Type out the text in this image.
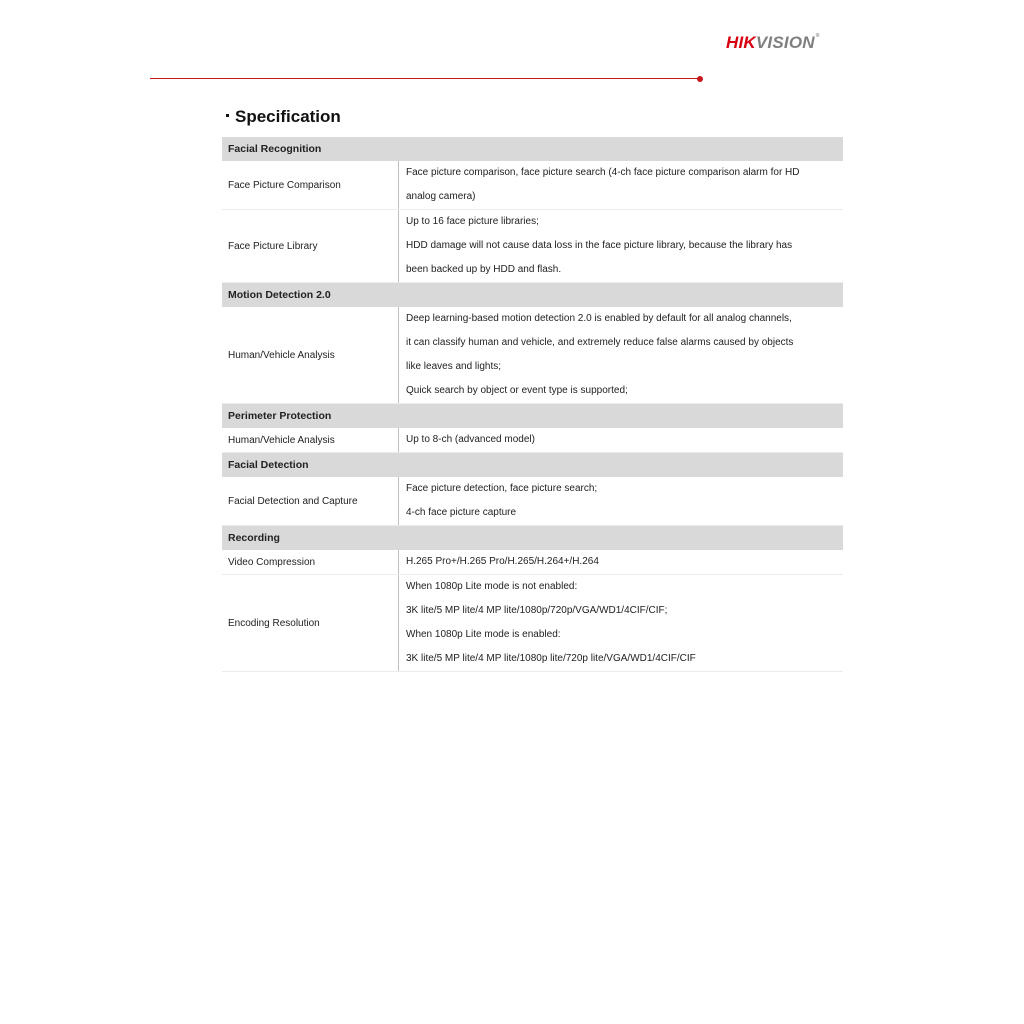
HIKVISION®
Specification
Facial Recognition	
Face Picture Comparison	Face picture comparison, face picture search (4-ch face picture comparison alarm for HD
analog camera)

Face Picture Library	Up to 16 face picture libraries;
HDD damage will not cause data loss in the face picture library, because the library has
been backed up by HDD and flash.

Motion Detection 2.0	
Human/Vehicle Analysis	Deep learning-based motion detection 2.0 is enabled by default for all analog channels,
it can classify human and vehicle, and extremely reduce false alarms caused by objects
like leaves and lights;
Quick search by object or event type is supported;

Perimeter Protection	
Human/Vehicle Analysis	Up to 8-ch (advanced model)

Facial Detection	
Facial Detection and Capture	Face picture detection, face picture search;
4-ch face picture capture

Recording	
Video Compression	H.265 Pro+/H.265 Pro/H.265/H.264+/H.264

Encoding Resolution	When 1080p Lite mode is not enabled:
3K lite/5 MP lite/4 MP lite/1080p/720p/VGA/WD1/4CIF/CIF;
When 1080p Lite mode is enabled:
3K lite/5 MP lite/4 MP lite/1080p lite/720p lite/VGA/WD1/4CIF/CIF
